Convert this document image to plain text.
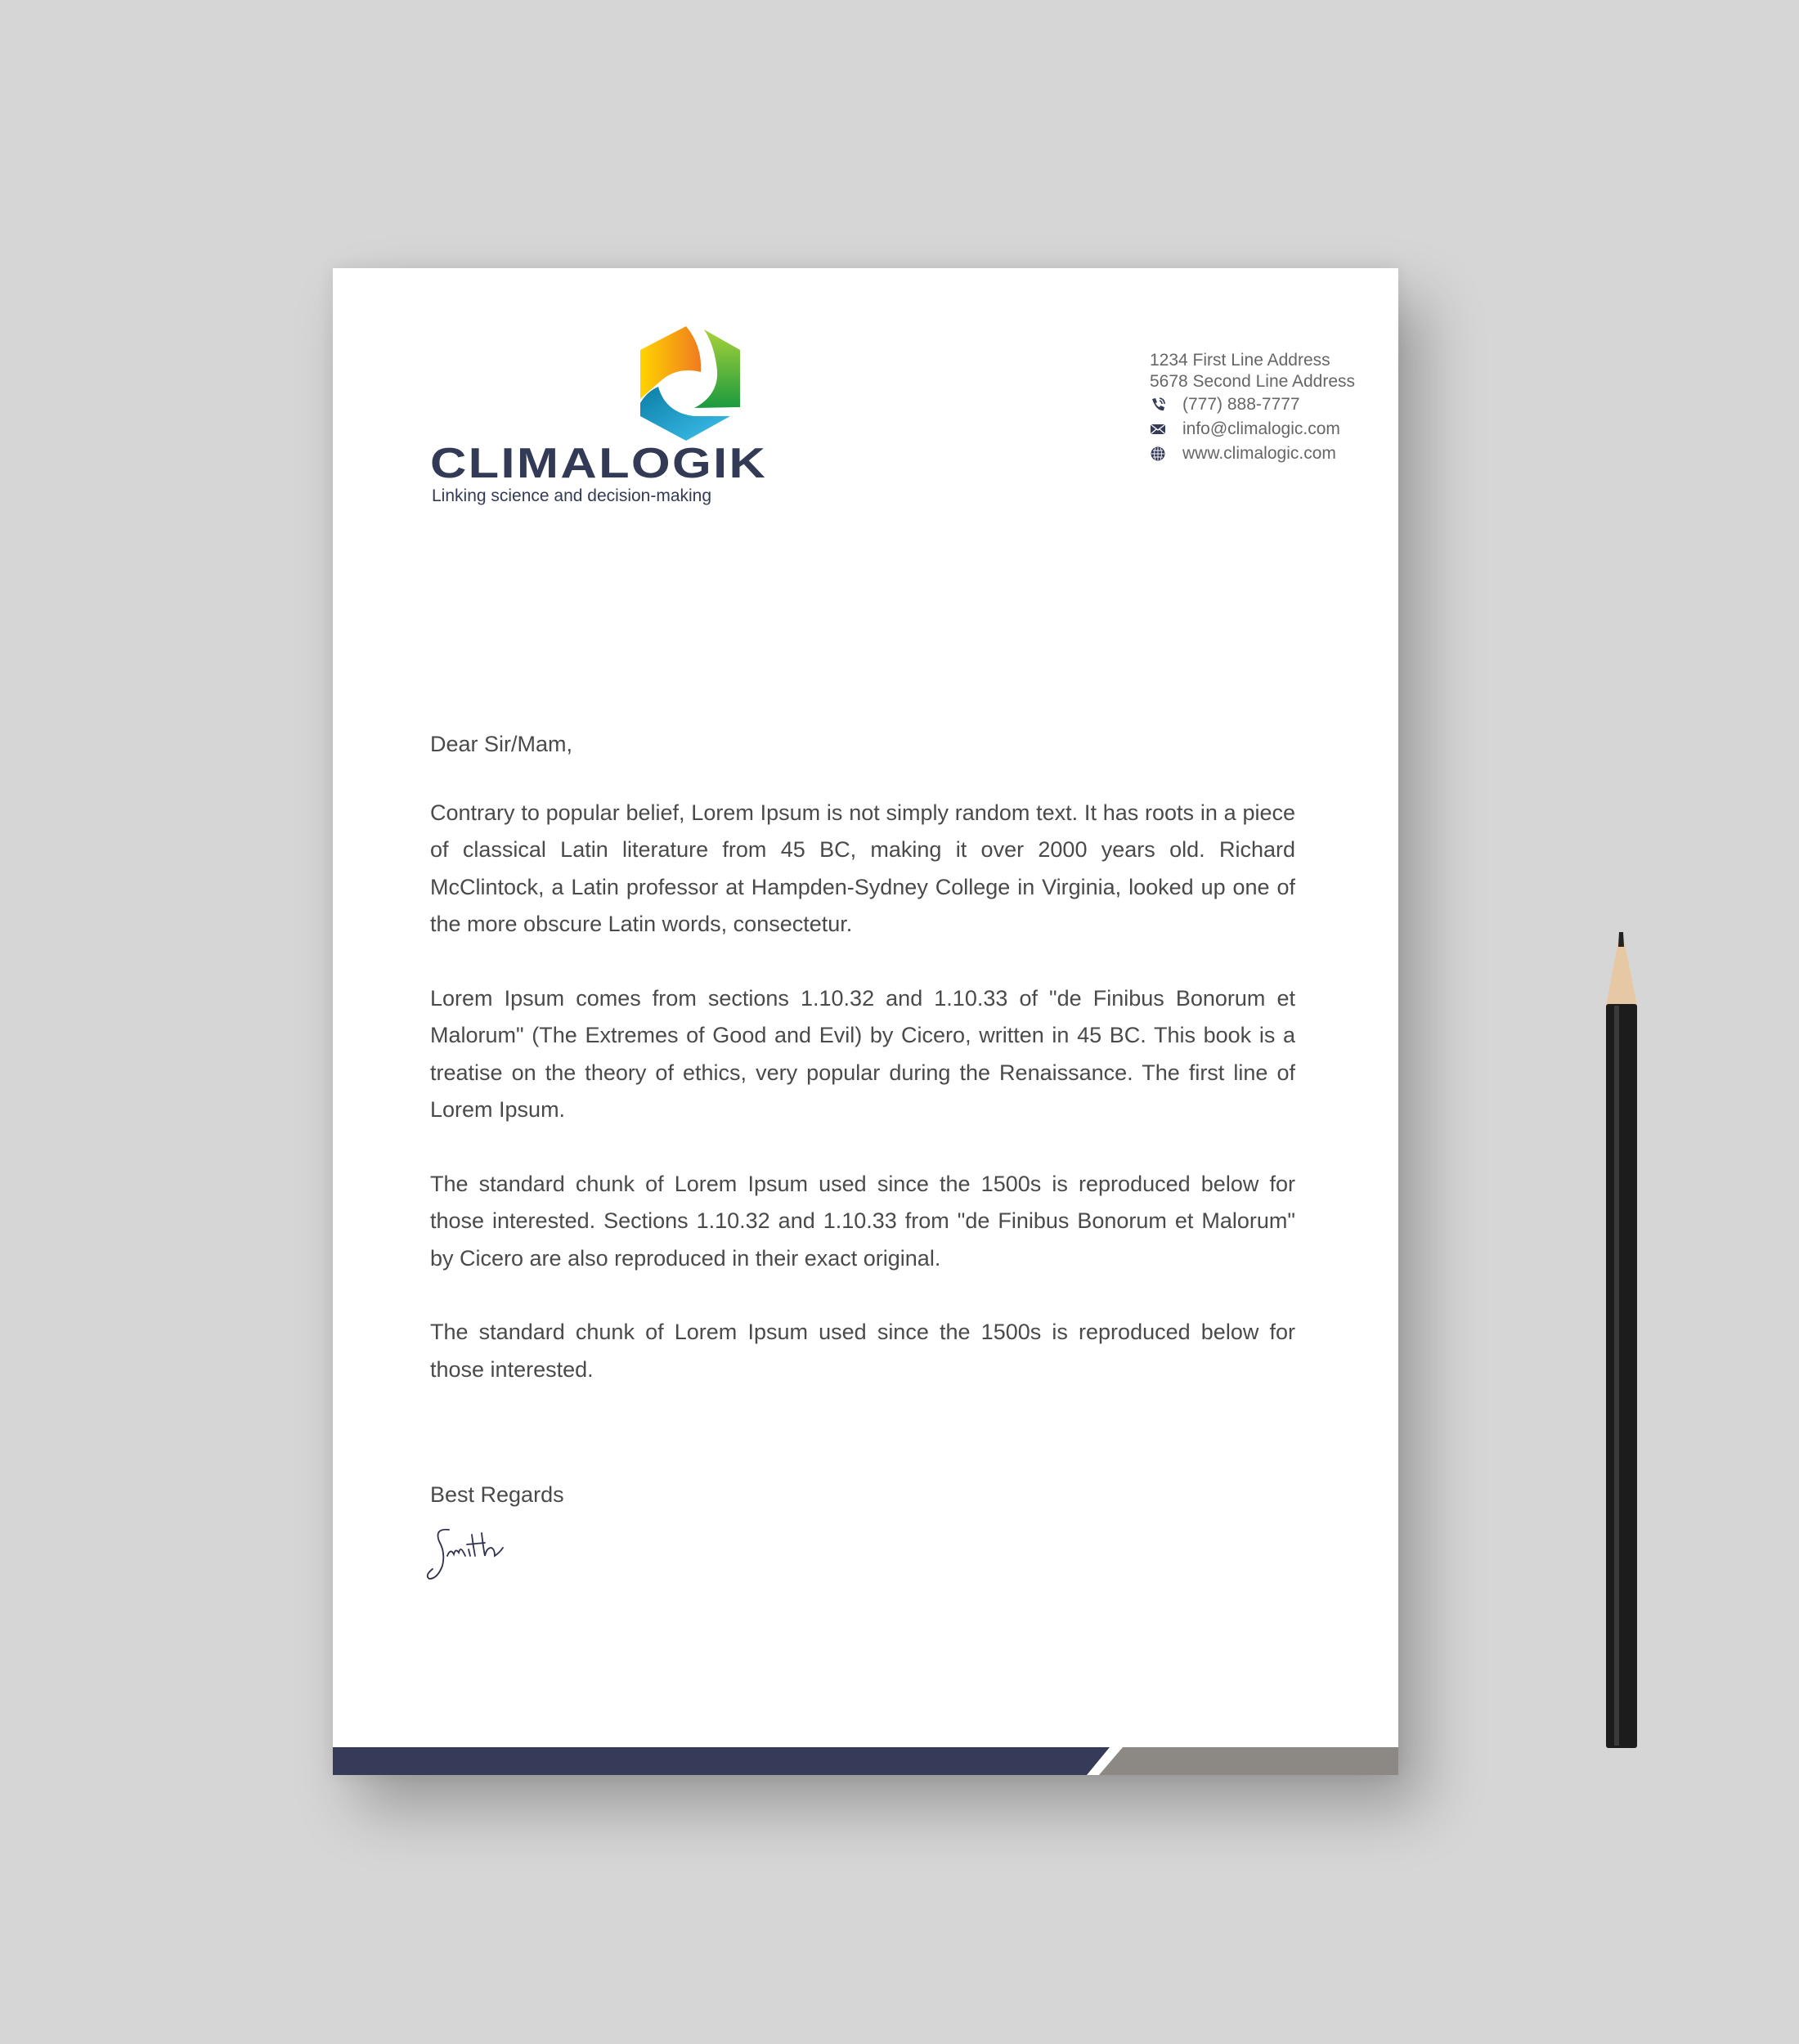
CLIMALOGIK
Linking science and decision-making
1234 First Line Address
5678 Second Line Address
(777) 888-7777
info@climalogic.com
www.climalogic.com

Dear Sir/Mam,

Contrary to popular belief, Lorem Ipsum is not simply random text. It has roots in a piece of classical Latin literature from 45 BC, making it over 2000 years old. Richard McClintock, a Latin professor at Hampden-Sydney College in Virginia, looked up one of the more obscure Latin words, consectetur.

Lorem Ipsum comes from sections 1.10.32 and 1.10.33 of "de Finibus Bonorum et Malorum" (The Extremes of Good and Evil) by Cicero, written in 45 BC. This book is a treatise on the theory of ethics, very popular during the Renaissance. The first line of Lorem Ipsum.

The standard chunk of Lorem Ipsum used since the 1500s is reproduced below for those interested. Sections 1.10.32 and 1.10.33 from "de Finibus Bonorum et Malorum" by Cicero are also reproduced in their exact original.

The standard chunk of Lorem Ipsum used since the 1500s is reproduced below for those interested.

Best Regards
